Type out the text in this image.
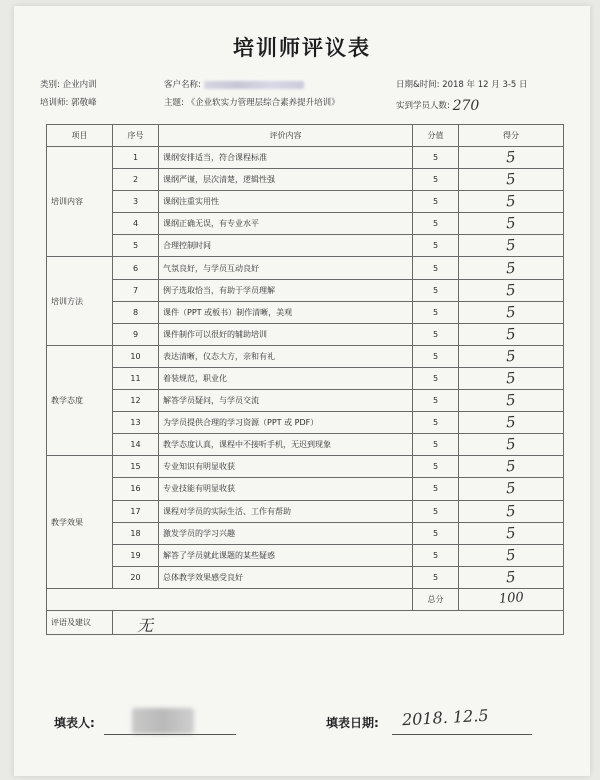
培训师评议表
类别: 企业内训	客户名称:	日期&时间: 2018 年 12 月 3-5 日
培训师: 郭敬峰	主题: 《企业软实力管理层综合素养提升培训》	实到学员人数: 270
项目	序号	评价内容	分值	得分
培训内容	1	课纲安排适当，符合课程标准	5	5
	2	课纲严谨，层次清楚，逻辑性强	5	5
	3	课纲注重实用性	5	5
	4	课纲正确无误，有专业水平	5	5
	5	合理控制时间	5	5
培训方法	6	气氛良好，与学员互动良好	5	5
	7	例子选取恰当，有助于学员理解	5	5
	8	课件（PPT 或板书）制作清晰，美观	5	5
	9	课件制作可以很好的辅助培训	5	5
教学态度	10	表达清晰，仪态大方，亲和有礼	5	5
	11	着装规范，职业化	5	5
	12	解答学员疑问，与学员交流	5	5
	13	为学员提供合理的学习资源（PPT 或 PDF）	5	5
	14	教学态度认真，课程中不接听手机，无迟到现象	5	5
教学效果	15	专业知识有明显收获	5	5
	16	专业技能有明显收获	5	5
	17	课程对学员的实际生活、工作有帮助	5	5
	18	激发学员的学习兴趣	5	5
	19	解答了学员就此课题的某些疑惑	5	5
	20	总体教学效果感受良好	5	5
			总分	100
评语及建议	无			
填表人:	填表日期: 2018. 12.5
